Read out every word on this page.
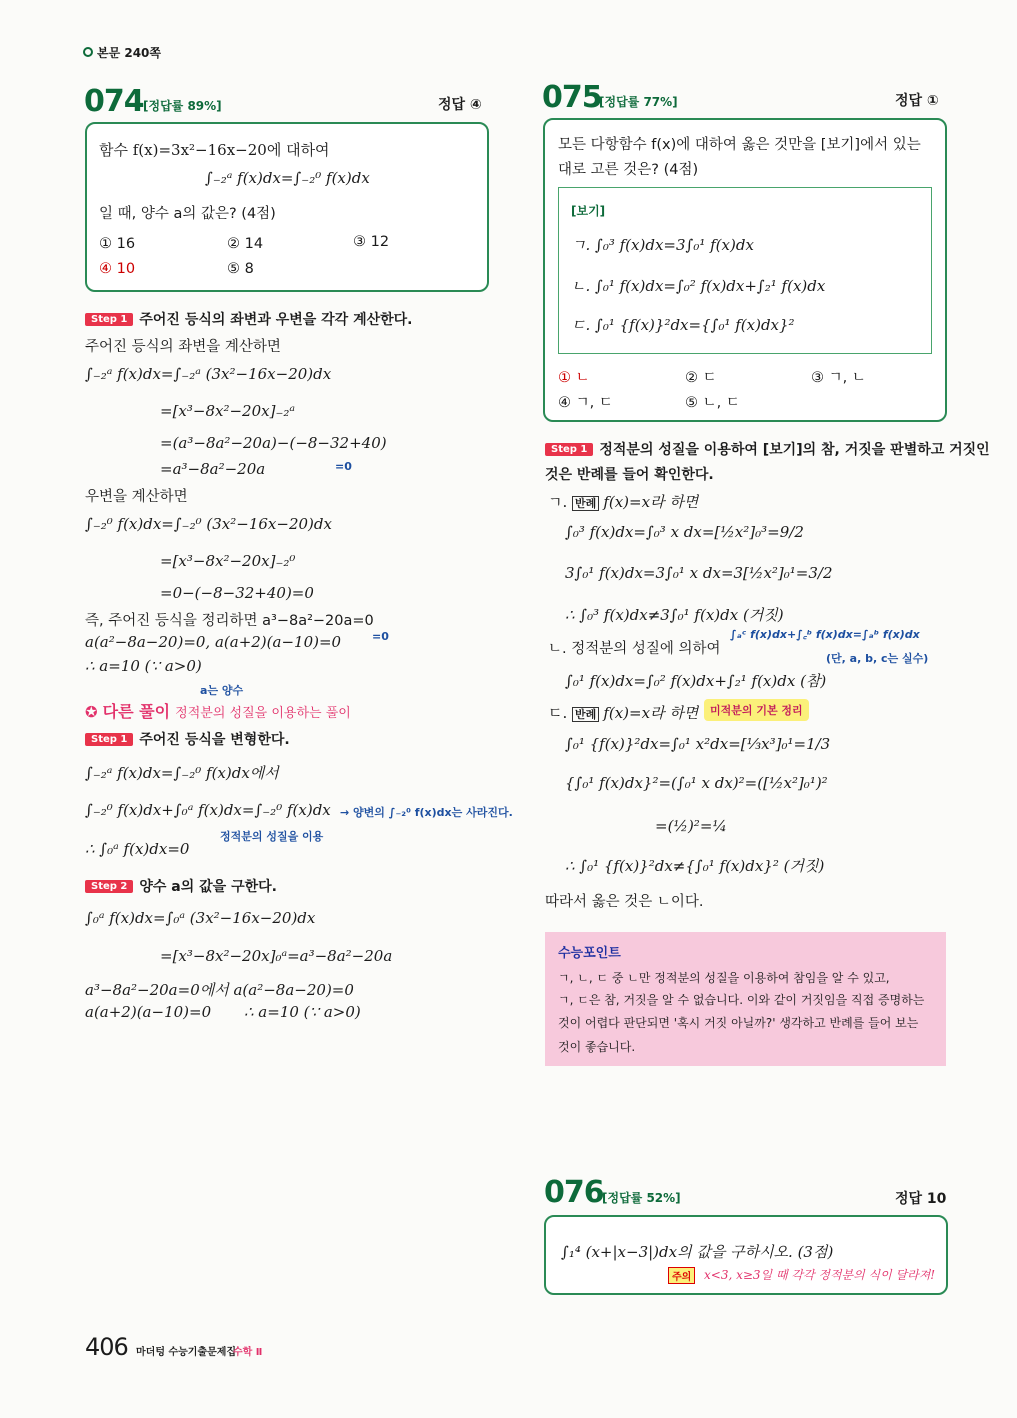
본문 240쪽
074 [정답률 89%]	정답 ④
함수 f(x)=3x²−16x−20에 대하여
∫₋₂ᵃ f(x)dx=∫₋₂⁰ f(x)dx
일 때, 양수 a의 값은? (4점)
① 16	② 14	③ 12
④ 10	⑤ 8
Step 1 주어진 등식의 좌변과 우변을 각각 계산한다.
주어진 등식의 좌변을 계산하면
∫₋₂ᵃ f(x)dx=∫₋₂ᵃ (3x²−16x−20)dx
=[x³−8x²−20x]₋₂ᵃ
=(a³−8a²−20a)−(−8−32+40)
=0
=a³−8a²−20a
우변을 계산하면
∫₋₂⁰ f(x)dx=∫₋₂⁰ (3x²−16x−20)dx
=[x³−8x²−20x]₋₂⁰
=0−(−8−32+40)=0
즉, 주어진 등식을 정리하면 a³−8a²−20a=0
=0
a(a²−8a−20)=0, a(a+2)(a−10)=0
∴ a=10 (∵ a>0)
a는 양수
✪ 다른 풀이 정적분의 성질을 이용하는 풀이
Step 1 주어진 등식을 변형한다.
∫₋₂ᵃ f(x)dx=∫₋₂⁰ f(x)dx에서
∫₋₂⁰ f(x)dx+∫₀ᵃ f(x)dx=∫₋₂⁰ f(x)dx → 양변의 ∫₋₂⁰ f(x)dx는 사라진다.
정적분의 성질을 이용
∴ ∫₀ᵃ f(x)dx=0
Step 2 양수 a의 값을 구한다.
∫₀ᵃ f(x)dx=∫₀ᵃ (3x²−16x−20)dx
=[x³−8x²−20x]₀ᵃ=a³−8a²−20a
a³−8a²−20a=0에서 a(a²−8a−20)=0
a(a+2)(a−10)=0 ∴ a=10 (∵ a>0)
075
[정답률 77%]	정답 ①
모든 다항함수 f(x)에 대하여 옳은 것만을 [보기]에서 있는
대로 고른 것은? (4점)
[보기]
ㄱ. ∫₀³ f(x)dx=3∫₀¹ f(x)dx
ㄴ. ∫₀¹ f(x)dx=∫₀² f(x)dx+∫₂¹ f(x)dx
ㄷ. ∫₀¹ {f(x)}²dx={∫₀¹ f(x)dx}²
① ㄴ	② ㄷ	③ ㄱ, ㄴ
④ ㄱ, ㄷ	⑤ ㄴ, ㄷ
Step 1 정적분의 성질을 이용하여 [보기]의 참, 거짓을 판별하고 거짓인
것은 반례를 들어 확인한다.
ㄱ. 반례 f(x)=x라 하면
∫₀³ f(x)dx=∫₀³ x dx=[½x²]₀³=9/2
3∫₀¹ f(x)dx=3∫₀¹ x dx=3[½x²]₀¹=3/2
∴ ∫₀³ f(x)dx≠3∫₀¹ f(x)dx (거짓)
∫ₐᶜ f(x)dx+∫꜀ᵇ f(x)dx=∫ₐᵇ f(x)dx
ㄴ. 정적분의 성질에 의하여
(단, a, b, c는 실수)
∫₀¹ f(x)dx=∫₀² f(x)dx+∫₂¹ f(x)dx (참)
ㄷ. 반례 f(x)=x라 하면	미적분의 기본 정리
∫₀¹ {f(x)}²dx=∫₀¹ x²dx=[⅓x³]₀¹=1/3
{∫₀¹ f(x)dx}²=(∫₀¹ x dx)²=([½x²]₀¹)²
=(½)²=¼
∴ ∫₀¹ {f(x)}²dx≠{∫₀¹ f(x)dx}² (거짓)
따라서 옳은 것은 ㄴ이다.
수능포인트
ㄱ, ㄴ, ㄷ 중 ㄴ만 정적분의 성질을 이용하여 참임을 알 수 있고,
ㄱ, ㄷ은 참, 거짓을 알 수 없습니다. 이와 같이 거짓임을 직접 증명하는
것이 어렵다 판단되면 '혹시 거짓 아닐까?' 생각하고 반례를 들어 보는
것이 좋습니다.
076
[정답률 52%]	정답 10
∫₁⁴ (x+|x−3|)dx의 값을 구하시오. (3점)
주의	x<3, x≥3일 때 각각 정적분의 식이 달라져!
406 마더텅 수능기출문제집
수학 Ⅱ
